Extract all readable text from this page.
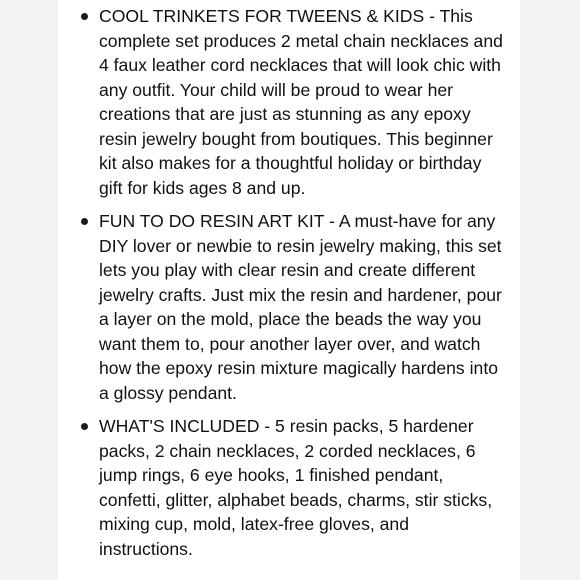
COOL TRINKETS FOR TWEENS & KIDS - This complete set produces 2 metal chain necklaces and 4 faux leather cord necklaces that will look chic with any outfit. Your child will be proud to wear her creations that are just as stunning as any epoxy resin jewelry bought from boutiques. This beginner kit also makes for a thoughtful holiday or birthday gift for kids ages 8 and up.
FUN TO DO RESIN ART KIT - A must-have for any DIY lover or newbie to resin jewelry making, this set lets you play with clear resin and create different jewelry crafts. Just mix the resin and hardener, pour a layer on the mold, place the beads the way you want them to, pour another layer over, and watch how the epoxy resin mixture magically hardens into a glossy pendant.
WHAT'S INCLUDED - 5 resin packs, 5 hardener packs, 2 chain necklaces, 2 corded necklaces, 6 jump rings, 6 eye hooks, 1 finished pendant, confetti, glitter, alphabet beads, charms, stir sticks, mixing cup, mold, latex-free gloves, and instructions.
